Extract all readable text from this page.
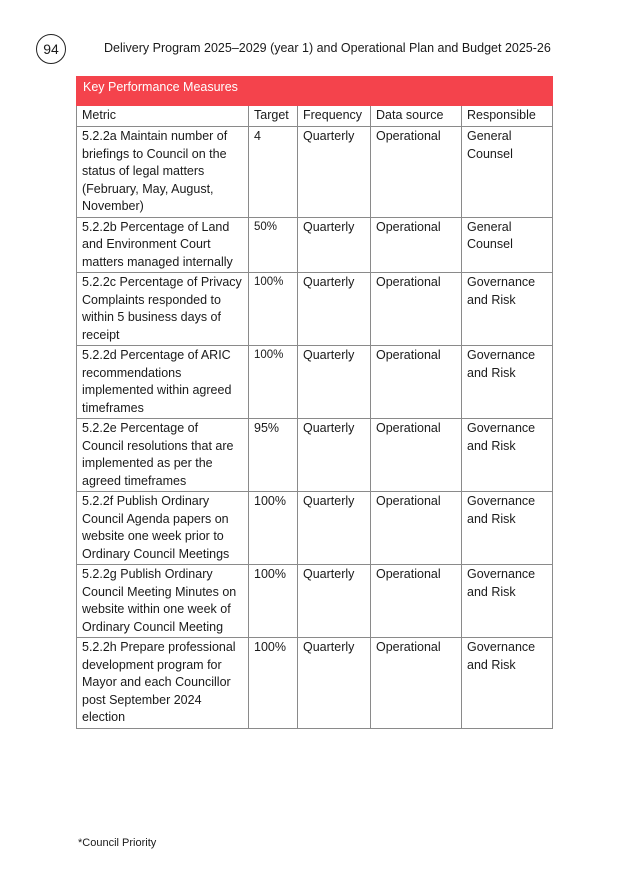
94	Delivery Program 2025–2029 (year 1) and Operational Plan and Budget 2025-26
Key Performance Measures				
Metric	Target	Frequency	Data source	Responsible
5.2.2a Maintain number of briefings to Council on the status of legal matters (February, May, August, November)	4	Quarterly	Operational	General Counsel
5.2.2b Percentage of Land and Environment Court matters managed internally	50%	Quarterly	Operational	General Counsel
5.2.2c Percentage of Privacy Complaints responded to within 5 business days of receipt	100%	Quarterly	Operational	Governance and Risk
5.2.2d Percentage of ARIC recommendations implemented within agreed timeframes	100%	Quarterly	Operational	Governance and Risk
5.2.2e Percentage of Council resolutions that are implemented as per the agreed timeframes	95%	Quarterly	Operational	Governance and Risk
5.2.2f Publish Ordinary Council Agenda papers on website one week prior to Ordinary Council Meetings	100%	Quarterly	Operational	Governance and Risk
5.2.2g Publish Ordinary Council Meeting Minutes on website within one week of Ordinary Council Meeting	100%	Quarterly	Operational	Governance and Risk
5.2.2h Prepare professional development program for Mayor and each Councillor post September 2024 election	100%	Quarterly	Operational	Governance and Risk
*Council Priority
